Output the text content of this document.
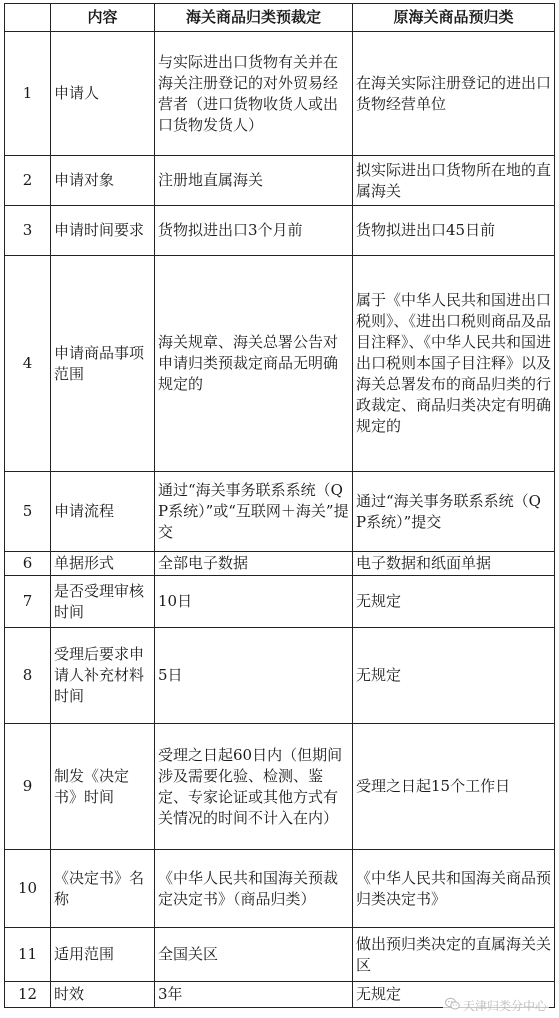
	内容	海关商品归类预裁定	原海关商品预归类
1	申请人	与实际进出口货物有关并在海关注册登记的对外贸易经营者（进口货物收货人或出口货物发货人）	在海关实际注册登记的进出口货物经营单位
2	申请对象	注册地直属海关	拟实际进出口货物所在地的直属海关
3	申请时间要求	货物拟进出口3个月前	货物拟进出口45日前
4	申请商品事项范围	海关规章、海关总署公告对申请归类预裁定商品无明确规定的	属于《中华人民共和国进出口税则》、《进出口税则商品及品目注释》、《中华人民共和国进出口税则本国子目注释》以及海关总署发布的商品归类的行政裁定、商品归类决定有明确规定的
5	申请流程	通过“海关事务联系系统（QP系统）”或“互联网＋海关”提交	通过“海关事务联系系统（QP系统）”提交
6	单据形式	全部电子数据	电子数据和纸面单据
7	是否受理审核时间	10日	无规定
8	受理后要求申请人补充材料时间	5日	无规定
9	制发《决定书》时间	受理之日起60日内（但期间涉及需要化验、检测、鉴定、专家论证或其他方式有关情况的时间不计入在内）	受理之日起15个工作日
10	《决定书》名称	《中华人民共和国海关预裁定决定书》（商品归类）	《中华人民共和国海关商品预归类决定书》
11	适用范围	全国关区	做出预归类决定的直属海关关区
12	时效	3年	无规定
天津归类分中心
